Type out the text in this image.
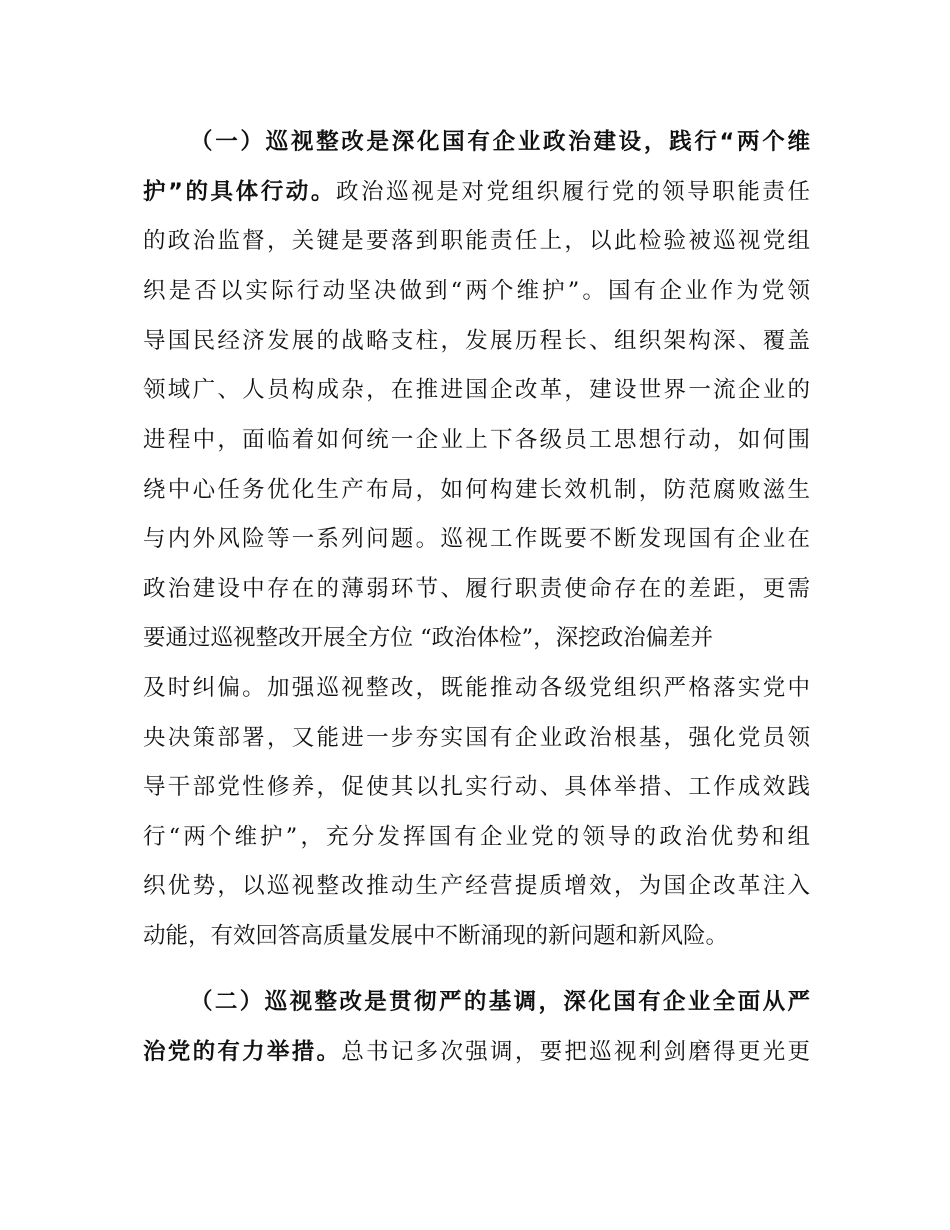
（一）巡视整改是深化国有企业政治建设，践行“两个维
护”的具体行动。政治巡视是对党组织履行党的领导职能责任
的政治监督，关键是要落到职能责任上，以此检验被巡视党组
织是否以实际行动坚决做到“两个维护”。国有企业作为党领
导国民经济发展的战略支柱，发展历程长、组织架构深、覆盖
领域广、人员构成杂，在推进国企改革，建设世界一流企业的
进程中，面临着如何统一企业上下各级员工思想行动，如何围
绕中心任务优化生产布局，如何构建长效机制，防范腐败滋生
与内外风险等一系列问题。巡视工作既要不断发现国有企业在
政治建设中存在的薄弱环节、履行职责使命存在的差距，更需
要通过巡视整改开展全方位 “政治体检”，深挖政治偏差并
及时纠偏。加强巡视整改，既能推动各级党组织严格落实党中
央决策部署，又能进一步夯实国有企业政治根基，强化党员领
导干部党性修养，促使其以扎实行动、具体举措、工作成效践
行“两个维护”，充分发挥国有企业党的领导的政治优势和组
织优势，以巡视整改推动生产经营提质增效，为国企改革注入
动能，有效回答高质量发展中不断涌现的新问题和新风险。
（二）巡视整改是贯彻严的基调，深化国有企业全面从严
治党的有力举措。总书记多次强调，要把巡视利剑磨得更光更
